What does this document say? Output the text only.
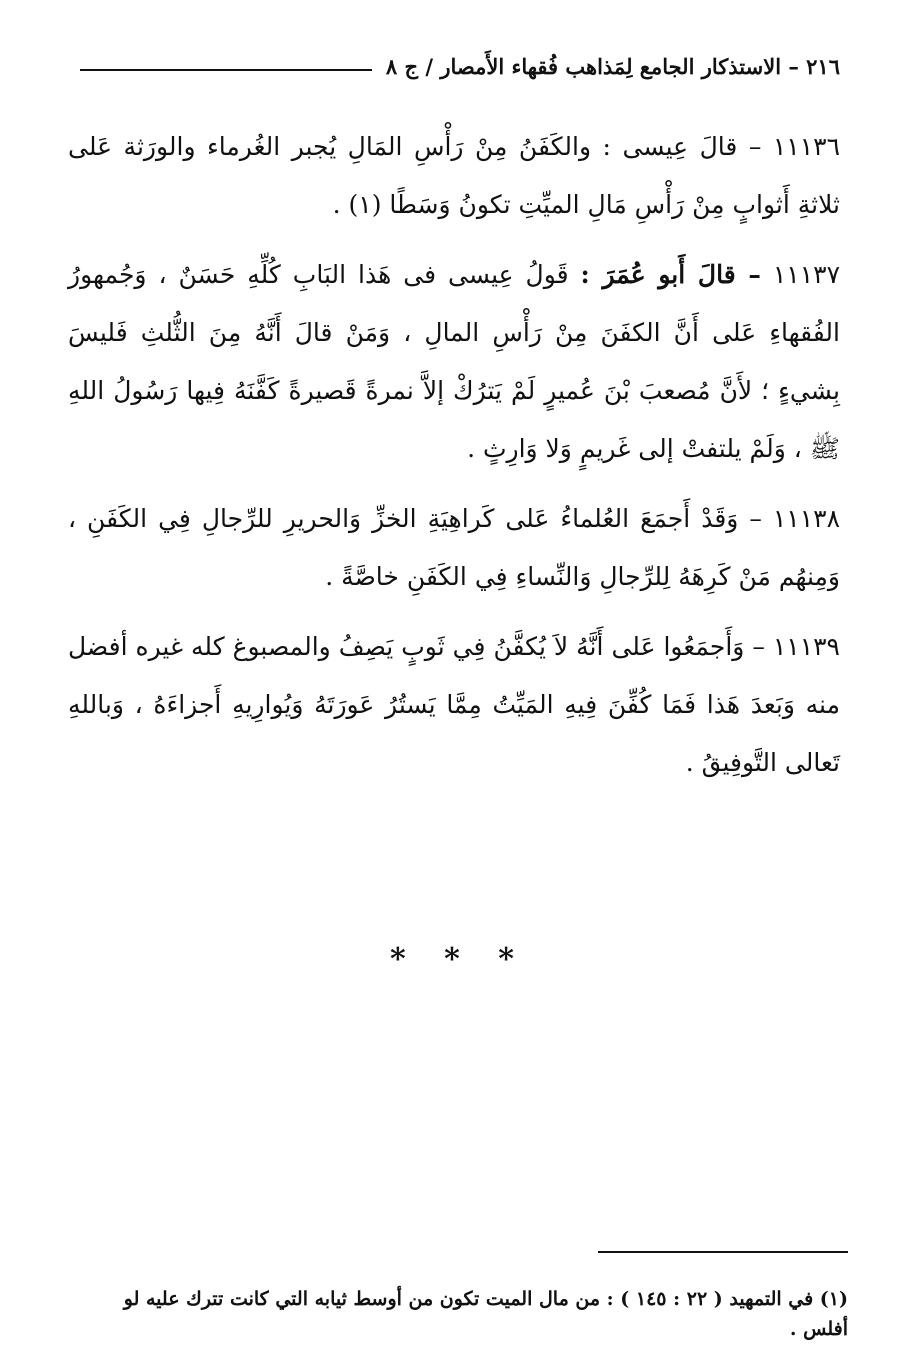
٢١٦ – الاستذكار الجامع لِمَذاهب فُقهاء الأَمصار / ج ٨

١١١٣٦ – قالَ عِيسى : والكَفَنُ مِنْ رَأْسِ المَالِ يُجبر الغُرماء والورَثة عَلى ثلاثةِ أَثوابٍ مِنْ رَأْسِ مَالِ الميِّتِ تكونُ وَسَطًا (١) .

١١١٣٧ – قالَ أَبو عُمَرَ : قَولُ عِيسى فى هَذا البَابِ كُلِّهِ حَسَنٌ ، وَجُمهورُ الفُقهاءِ عَلى أَنَّ الكفَنَ مِنْ رَأْسِ المالِ ، وَمَنْ قالَ أَنَّهُ مِنَ الثُّلثِ فَليسَ بِشيءٍ ؛ لأَنَّ مُصعبَ بْنَ عُميرٍ لَمْ يَترُكْ إلاَّ نمرةً قَصيرةً كَفَّنَهُ فِيها رَسُولُ اللهِ ﷺ ، وَلَمْ يلتفتْ إلى غَريمٍ وَلا وَارِثٍ .

١١١٣٨ – وَقَدْ أَجمَعَ العُلماءُ عَلى كَراهِيَةِ الخزِّ وَالحريرِ للرِّجالِ فِي الكَفَنِ ، وَمِنهُم مَنْ كَرِهَهُ لِلرِّجالِ وَالنِّساءِ فِي الكَفَنِ خاصَّةً .

١١١٣٩ – وَأَجمَعُوا عَلى أَنَّهُ لاَ يُكفَّنُ فِي ثَوبٍ يَصِفُ والمصبوغ كله غيره أفضل منه وَبَعدَ هَذا فَمَا كُفِّنَ فِيهِ المَيِّتُ مِمَّا يَستُرُ عَورَتَهُ وَيُوارِيهِ أَجزاءَهُ ، وَباللهِ تَعالى التَّوفِيقُ .

* * *
(١) في التمهيد ( ٢٢ : ١٤٥ ) : من مال الميت تكون من أوسط ثيابه التي كانت تترك عليه لو أفلس .
